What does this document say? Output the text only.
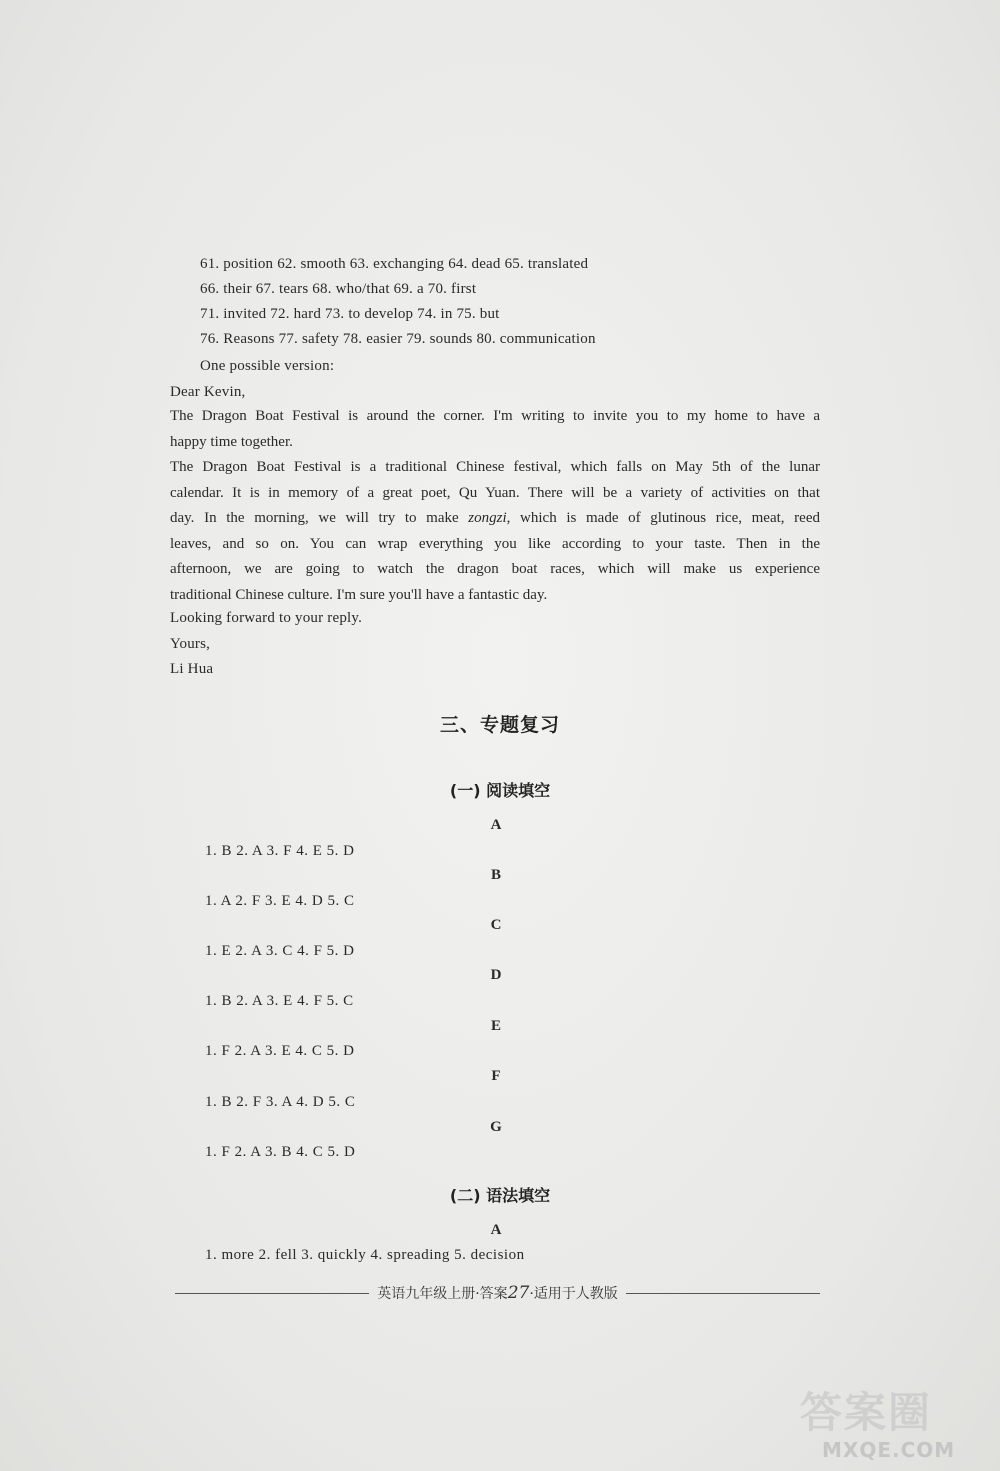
61. position 62. smooth 63. exchanging 64. dead 65. translated
66. their 67. tears 68. who/that 69. a 70. first
71. invited 72. hard 73. to develop 74. in 75. but
76. Reasons 77. safety 78. easier 79. sounds 80. communication
One possible version:
Dear Kevin,

The Dragon Boat Festival is around the corner. I'm writing to invite you to my home to have a

happy time together.

The Dragon Boat Festival is a traditional Chinese festival, which falls on May 5th of the lunar

calendar. It is in memory of a great poet, Qu Yuan. There will be a variety of activities on that

day. In the morning, we will try to make zongzi, which is made of glutinous rice, meat, reed

leaves, and so on. You can wrap everything you like according to your taste. Then in the

afternoon, we are going to watch the dragon boat races, which will make us experience

traditional Chinese culture. I'm sure you'll have a fantastic day.

Looking forward to your reply.
Yours,
Li Hua
三、专题复习
(一) 阅读填空
A
1. B 2. A 3. F 4. E 5. D
B
1. A 2. F 3. E 4. D 5. C
C
1. E 2. A 3. C 4. F 5. D
D
1. B 2. A 3. E 4. F 5. C
E
1. F 2. A 3. E 4. C 5. D
F
1. B 2. F 3. A 4. D 5. C
G
1. F 2. A 3. B 4. C 5. D
(二) 语法填空
A
1. more 2. fell 3. quickly 4. spreading 5. decision
英语九年级上册·答案27·适用于人教版
答案圈
MXQE.COM
